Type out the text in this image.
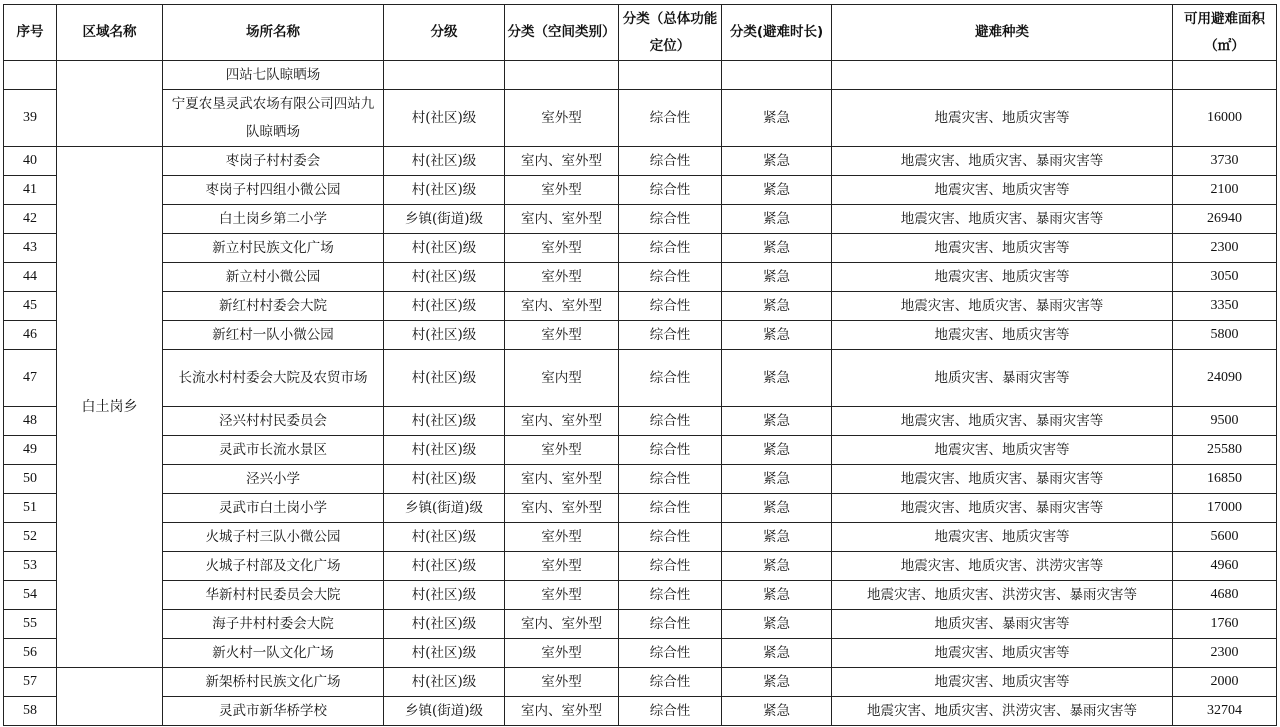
序号	区域名称	场所名称	分级	分类（空间类别）	分类（总体功能定位）	分类(避难时长)	避难种类	可用避难面积（㎡）
		四站七队晾晒场						
39		宁夏农垦灵武农场有限公司四站九队晾晒场	村(社区)级	室外型	综合性	紧急	地震灾害、地质灾害等	16000
40	白土岗乡	枣岗子村村委会	村(社区)级	室内、室外型	综合性	紧急	地震灾害、地质灾害、暴雨灾害等	3730
41		枣岗子村四组小微公园	村(社区)级	室外型	综合性	紧急	地震灾害、地质灾害等	2100
42		白土岗乡第二小学	乡镇(街道)级	室内、室外型	综合性	紧急	地震灾害、地质灾害、暴雨灾害等	26940
43		新立村民族文化广场	村(社区)级	室外型	综合性	紧急	地震灾害、地质灾害等	2300
44		新立村小微公园	村(社区)级	室外型	综合性	紧急	地震灾害、地质灾害等	3050
45		新红村村委会大院	村(社区)级	室内、室外型	综合性	紧急	地震灾害、地质灾害、暴雨灾害等	3350
46		新红村一队小微公园	村(社区)级	室外型	综合性	紧急	地震灾害、地质灾害等	5800
47		长流水村村委会大院及农贸市场	村(社区)级	室内型	综合性	紧急	地质灾害、暴雨灾害等	24090
48		泾兴村村民委员会	村(社区)级	室内、室外型	综合性	紧急	地震灾害、地质灾害、暴雨灾害等	9500
49		灵武市长流水景区	村(社区)级	室外型	综合性	紧急	地震灾害、地质灾害等	25580
50		泾兴小学	村(社区)级	室内、室外型	综合性	紧急	地震灾害、地质灾害、暴雨灾害等	16850
51		灵武市白土岗小学	乡镇(街道)级	室内、室外型	综合性	紧急	地震灾害、地质灾害、暴雨灾害等	17000
52		火城子村三队小微公园	村(社区)级	室外型	综合性	紧急	地震灾害、地质灾害等	5600
53		火城子村部及文化广场	村(社区)级	室外型	综合性	紧急	地震灾害、地质灾害、洪涝灾害等	4960
54		华新村村民委员会大院	村(社区)级	室外型	综合性	紧急	地震灾害、地质灾害、洪涝灾害、暴雨灾害等	4680
55		海子井村村委会大院	村(社区)级	室内、室外型	综合性	紧急	地质灾害、暴雨灾害等	1760
56		新火村一队文化广场	村(社区)级	室外型	综合性	紧急	地震灾害、地质灾害等	2300
57		新架桥村民族文化广场	村(社区)级	室外型	综合性	紧急	地震灾害、地质灾害等	2000
58		灵武市新华桥学校	乡镇(街道)级	室内、室外型	综合性	紧急	地震灾害、地质灾害、洪涝灾害、暴雨灾害等	32704
